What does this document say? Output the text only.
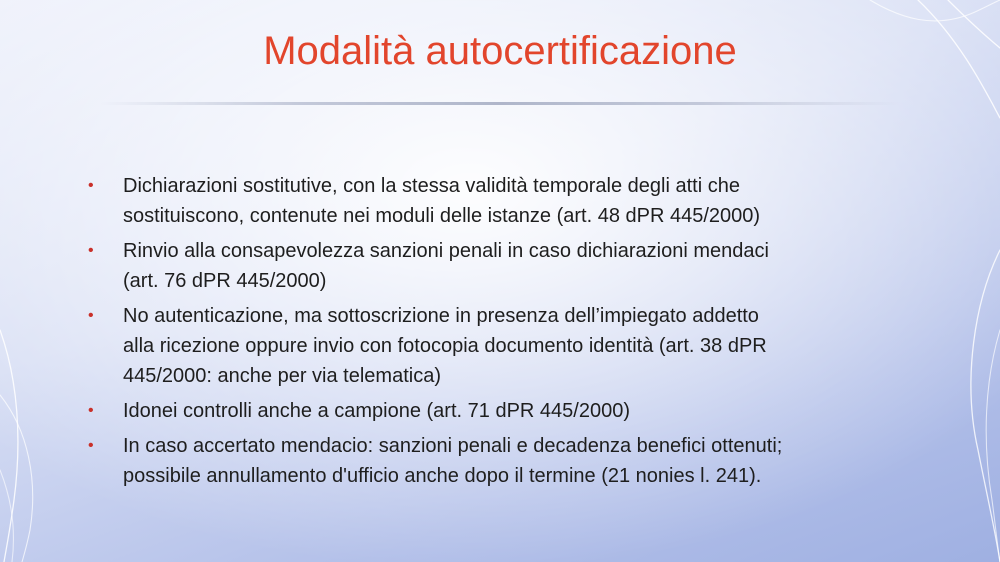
Modalità autocertificazione
•	Dichiarazioni sostitutive, con la stessa validità temporale degli atti che
sostituiscono, contenute nei moduli delle istanze (art. 48 dPR 445/2000)
•	Rinvio alla consapevolezza sanzioni penali in caso dichiarazioni mendaci
(art. 76 dPR 445/2000)
•	No autenticazione, ma sottoscrizione in presenza dell’impiegato addetto
alla ricezione oppure invio con fotocopia documento identità (art. 38 dPR
445/2000: anche per via telematica)
•	Idonei controlli anche a campione (art. 71 dPR 445/2000)
•	In caso accertato mendacio: sanzioni penali e decadenza benefici ottenuti;
possibile annullamento d'ufficio anche dopo il termine (21 nonies l. 241).
